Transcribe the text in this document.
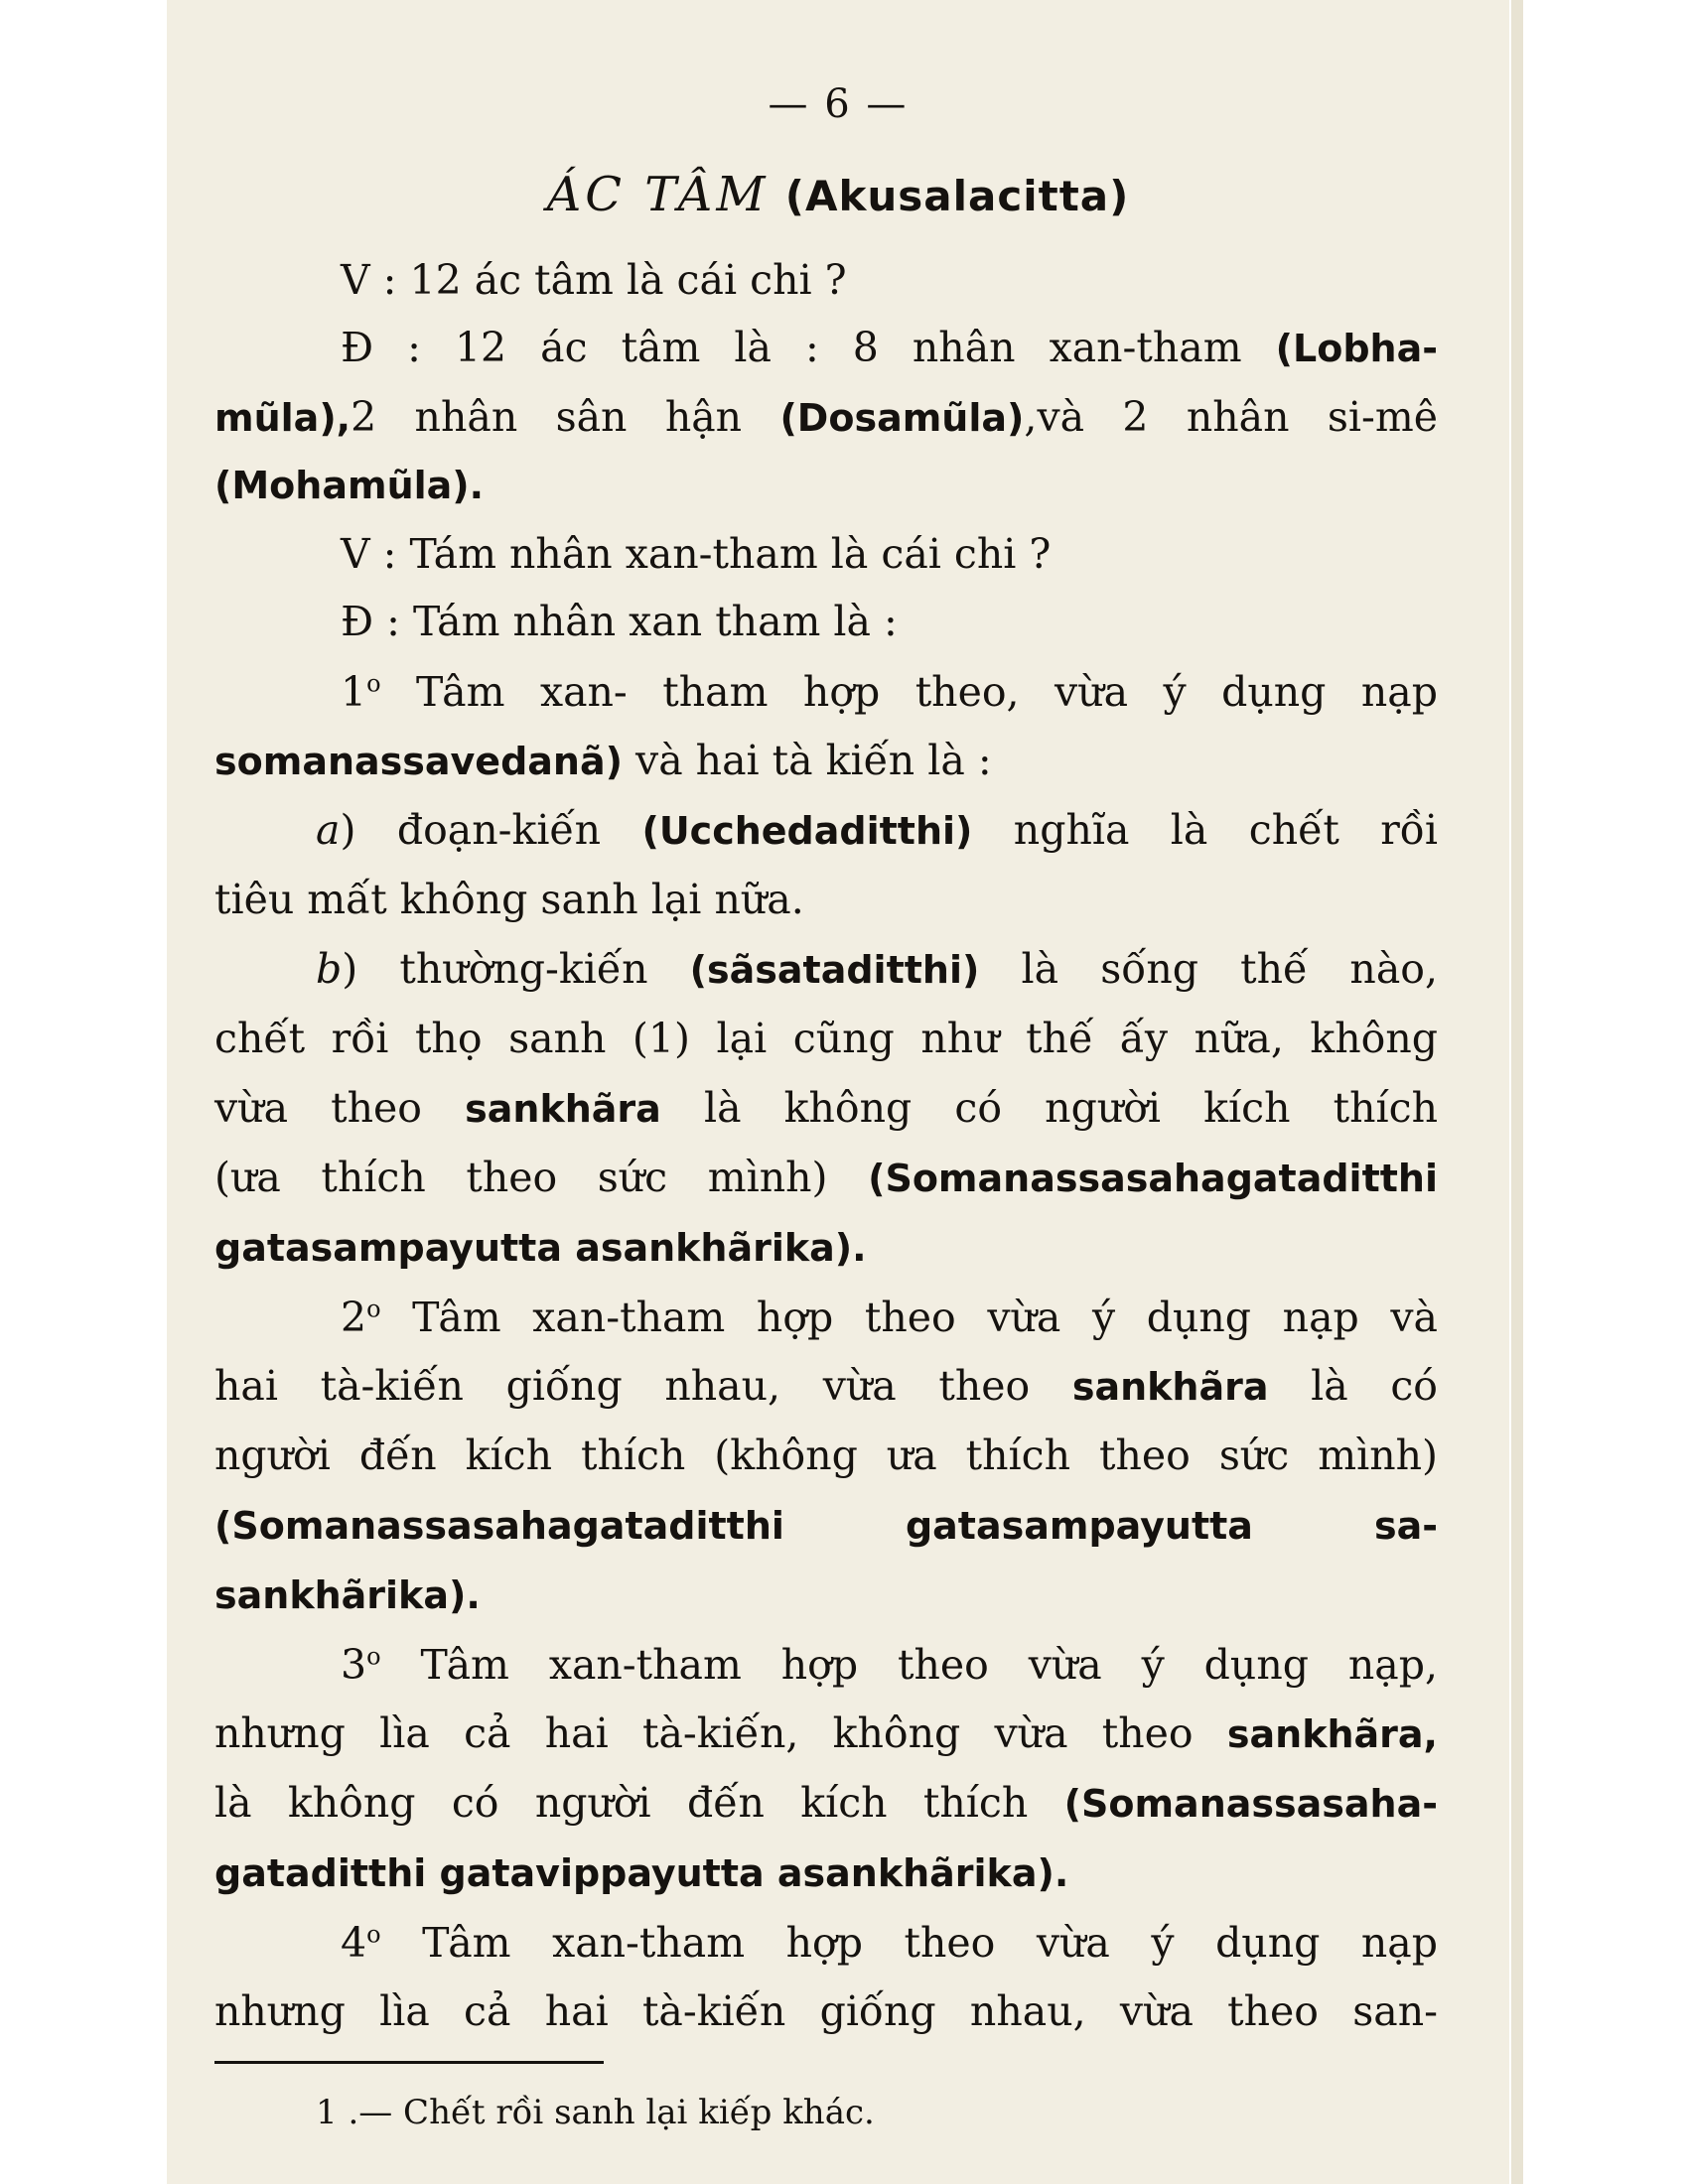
— 6 —
ÁC TÂM (Akusalacitta)
V : 12 ác tâm là cái chi ?
Đ : 12 ác tâm là : 8 nhân xan-tham (Lobha-
mũla),2 nhân sân hận (Dosamũla),và 2 nhân si-mê
(Mohamũla).
V : Tám nhân xan-tham là cái chi ?
Đ : Tám nhân xan tham là :
1$^o$ Tâm xan- tham hợp theo, vừa ý dụng nạp
somanassavedanã) và hai tà kiến là :
a) đoạn-kiến (Ucchedaditthi) nghĩa là chết rồi
tiêu mất không sanh lại nữa.
b) thường-kiến (sãsataditthi) là sống thế nào,
chết rồi thọ sanh (1) lại cũng như thế ấy nữa, không
vừa theo sankhãra là không có người kích thích
(ưa thích theo sức mình) (Somanassasahagataditthi
gatasampayutta asankhãrika).
2$^o$ Tâm xan-tham hợp theo vừa ý dụng nạp và
hai tà-kiến giống nhau, vừa theo sankhãra là có
người đến kích thích (không ưa thích theo sức mình)
(Somanassasahagataditthi gatasampayutta sa-
sankhãrika).
3$^o$ Tâm xan-tham hợp theo vừa ý dụng nạp,
nhưng lìa cả hai tà-kiến, không vừa theo sankhãra,
là không có người đến kích thích (Somanassasaha-
gataditthi gatavippayutta asankhãrika).
4$^o$ Tâm xan-tham hợp theo vừa ý dụng nạp
nhưng lìa cả hai tà-kiến giống nhau, vừa theo san-
1 .— Chết rồi sanh lại kiếp khác.
